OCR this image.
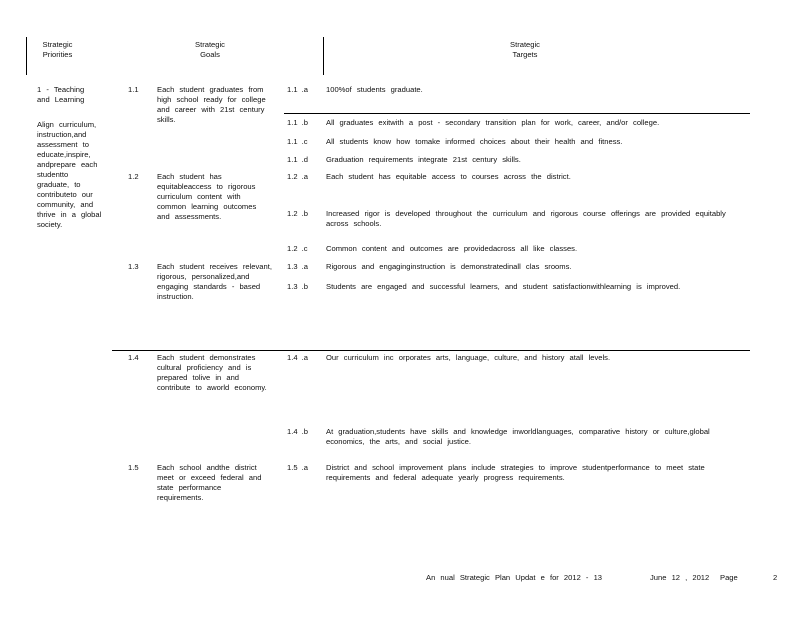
Strategic
Priorities
Strategic
Goals
Strategic
Targets
1 - Teaching and Learning
Align curriculum, instruction,and assessment to educate,inspire, andprepare each studentto graduate, to contributeto our community, and thrive in a global society.
1.1 Each student graduates from high school ready for college and career with 21st century skills.
1.2 Each student has equitableaccess to rigorous curriculum content with common learning outcomes and assessments.
1.3 Each student receives relevant, rigorous, personalized,and engaging standards - based instruction.
1.4 Each student demonstrates cultural proficiency and is prepared tolive in and contribute to aworld economy.
1.5 Each school andthe district meet or exceed federal and state performance requirements.
1.1 .a 100%of students graduate.
1.1 .b All graduates exitwith a post - secondary transition plan for work, career, and/or college.
1.1 .c All students know how tomake informed choices about their health and fitness.
1.1 .d Graduation requirements integrate 21st century skills.
1.2 .a Each student has equitable access to courses across the district.
1.2 .b Increased rigor is developed throughout the curriculum and rigorous course offerings are provided equitably across schools.
1.2 .c Common content and outcomes are providedacross all like classes.
1.3 .a Rigorous and engaginginstruction is demonstratedinall clas srooms.
1.3 .b Students are engaged and successful learners, and student satisfactionwithlearning is improved.
1.4 .a Our curriculum inc orporates arts, language, culture, and history atall levels.
1.4 .b At graduation,students have skills and knowledge inworldlanguages, comparative history or culture,global economics, the arts, and social justice.
1.5 .a District and school improvement plans include strategies to improve studentperformance to meet state requirements and federal adequate yearly progress requirements.
An nual Strategic Plan Updat e for 2012 - 13	June 12 , 2012 Page	2
